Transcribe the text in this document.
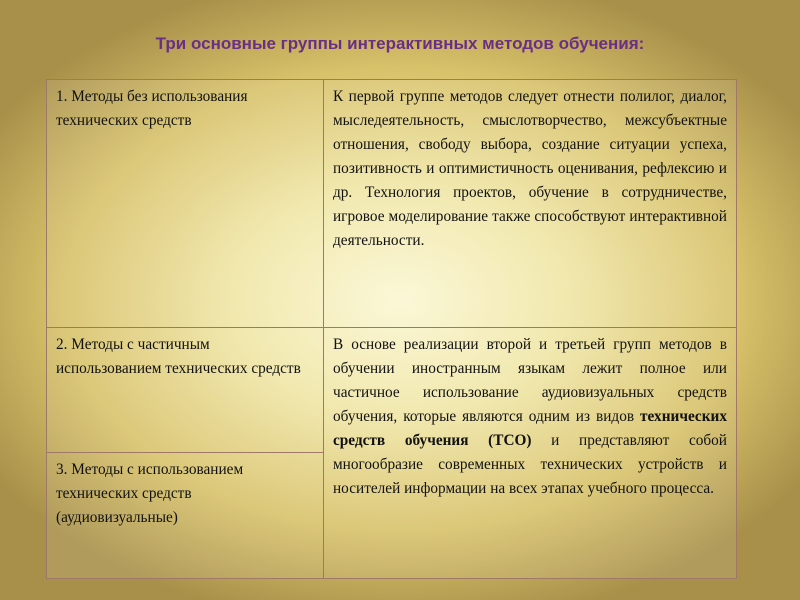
Три основные группы интерактивных методов обучения:
1. Методы без использования технических средств	К первой группе методов следует отнести полилог, диалог, мыследеятельность, смыслотворчество, межсубъектные отношения, свободу выбора, создание ситуации успеха, позитивность и оптимистичность оценивания, рефлексию и др. Технология проектов, обучение в сотрудничестве, игровое моделирование также способствуют интерактивной деятельности.
2. Методы с частичным использованием технических средств	В основе реализации второй и третьей групп методов в обучении иностранным языкам лежит полное или частичное использование аудиовизуальных средств обучения, которые являются одним из видов технических средств обучения (ТСО) и представляют собой многообразие современных технических устройств и носителей информации на всех этапах учебного процесса.
3. Методы с использованием технических средств (аудиовизуальные)	
